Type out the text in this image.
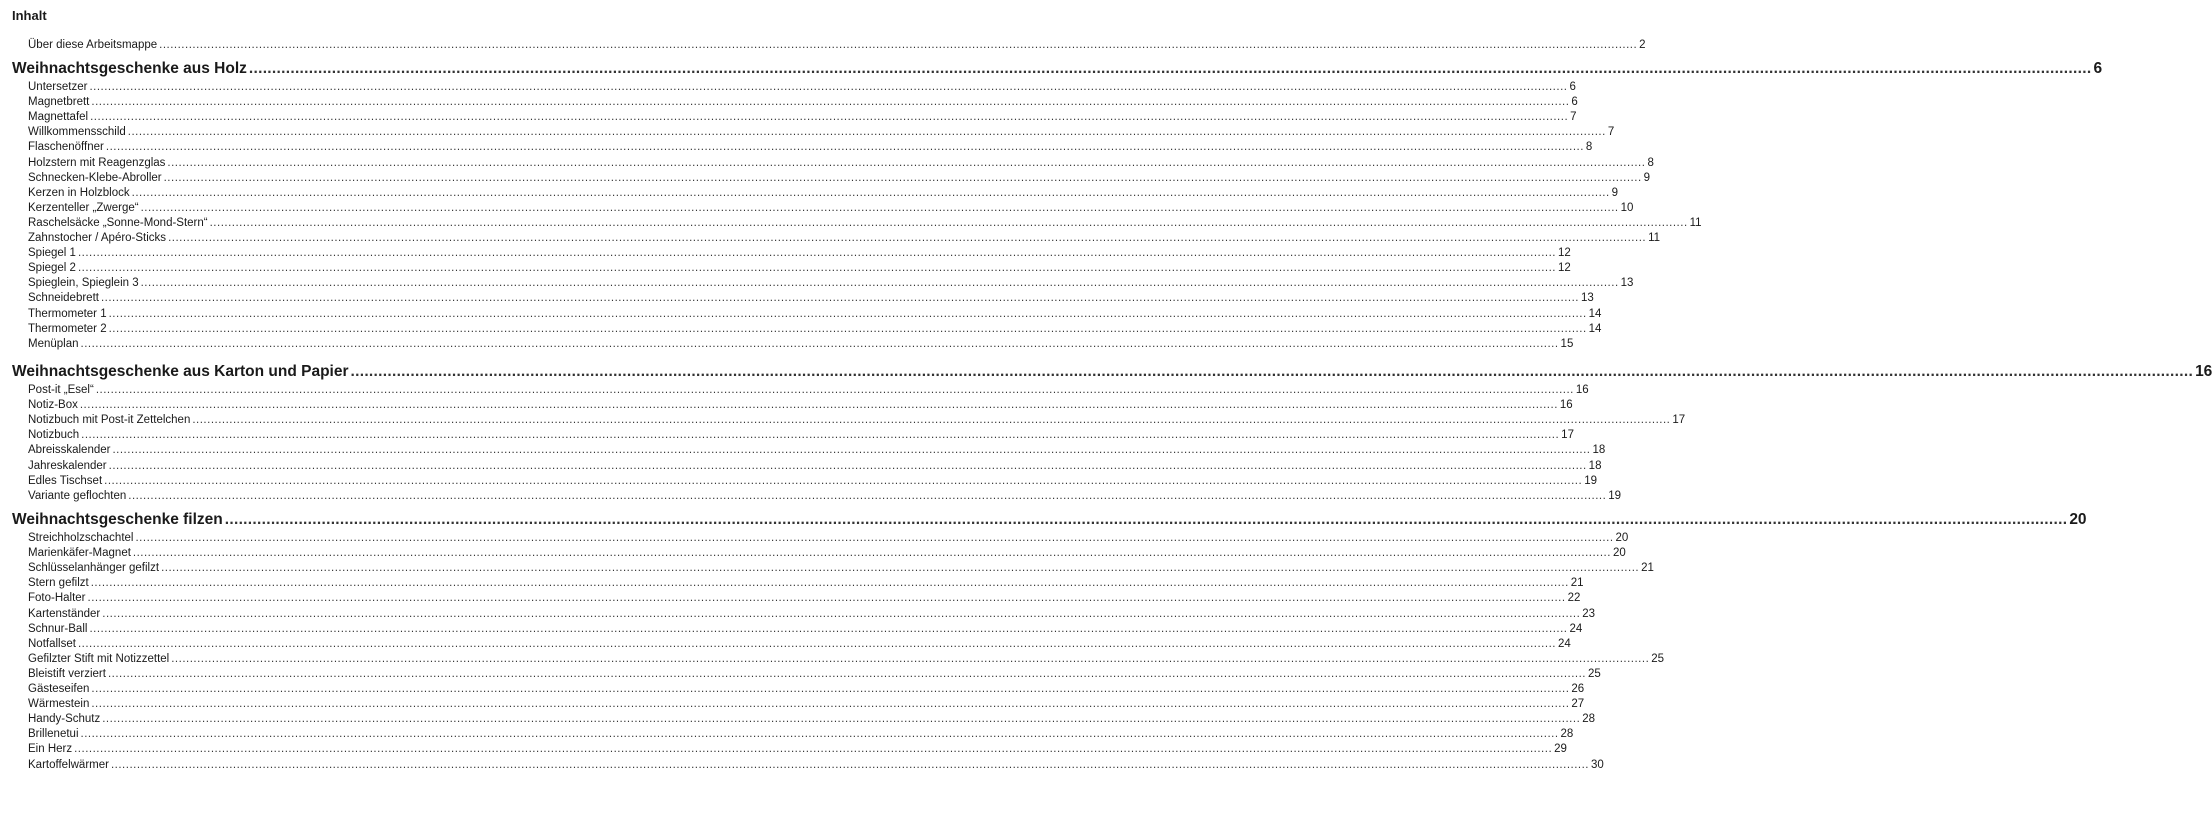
Inhalt
Über diese Arbeitsmappe ................................................................................................................................................................................................................................................................................................................................................................................................................ 2
Weihnachtsgeschenke aus Holz ................................................................................................................................................................................................................................................................................................................................................................................................................ 6
Untersetzer ................................................................................................................................................................................................................................................................................................................................................................................................................ 6
Magnetbrett ................................................................................................................................................................................................................................................................................................................................................................................................................ 6
Magnettafel ................................................................................................................................................................................................................................................................................................................................................................................................................ 7
Willkommensschild ................................................................................................................................................................................................................................................................................................................................................................................................................ 7
Flaschenöffner ................................................................................................................................................................................................................................................................................................................................................................................................................ 8
Holzstern mit Reagenzglas ................................................................................................................................................................................................................................................................................................................................................................................................................ 8
Schnecken-Klebe-Abroller ................................................................................................................................................................................................................................................................................................................................................................................................................ 9
Kerzen in Holzblock ................................................................................................................................................................................................................................................................................................................................................................................................................ 9
Kerzenteller „Zwerge“ ................................................................................................................................................................................................................................................................................................................................................................................................................ 10
Raschelsäcke „Sonne-Mond-Stern“ ................................................................................................................................................................................................................................................................................................................................................................................................................ 11
Zahnstocher / Apéro-Sticks ................................................................................................................................................................................................................................................................................................................................................................................................................ 11
Spiegel 1 ................................................................................................................................................................................................................................................................................................................................................................................................................ 12
Spiegel 2 ................................................................................................................................................................................................................................................................................................................................................................................................................ 12
Spieglein, Spieglein 3 ................................................................................................................................................................................................................................................................................................................................................................................................................ 13
Schneidebrett ................................................................................................................................................................................................................................................................................................................................................................................................................ 13
Thermometer 1 ................................................................................................................................................................................................................................................................................................................................................................................................................ 14
Thermometer 2 ................................................................................................................................................................................................................................................................................................................................................................................................................ 14
Menüplan ................................................................................................................................................................................................................................................................................................................................................................................................................ 15
Weihnachtsgeschenke aus Karton und Papier ................................................................................................................................................................................................................................................................................................................................................................................................................ 16
Post-it „Esel“ ................................................................................................................................................................................................................................................................................................................................................................................................................ 16
Notiz-Box ................................................................................................................................................................................................................................................................................................................................................................................................................ 16
Notizbuch mit Post-it Zettelchen ................................................................................................................................................................................................................................................................................................................................................................................................................ 17
Notizbuch ................................................................................................................................................................................................................................................................................................................................................................................................................ 17
Abreisskalender ................................................................................................................................................................................................................................................................................................................................................................................................................ 18
Jahreskalender ................................................................................................................................................................................................................................................................................................................................................................................................................ 18
Edles Tischset ................................................................................................................................................................................................................................................................................................................................................................................................................ 19
Variante geflochten ................................................................................................................................................................................................................................................................................................................................................................................................................ 19
Weihnachtsgeschenke filzen ................................................................................................................................................................................................................................................................................................................................................................................................................ 20
Streichholzschachtel ................................................................................................................................................................................................................................................................................................................................................................................................................ 20
Marienkäfer-Magnet ................................................................................................................................................................................................................................................................................................................................................................................................................ 20
Schlüsselanhänger gefilzt ................................................................................................................................................................................................................................................................................................................................................................................................................ 21
Stern gefilzt ................................................................................................................................................................................................................................................................................................................................................................................................................ 21
Foto-Halter ................................................................................................................................................................................................................................................................................................................................................................................................................ 22
Kartenständer ................................................................................................................................................................................................................................................................................................................................................................................................................ 23
Schnur-Ball ................................................................................................................................................................................................................................................................................................................................................................................................................ 24
Notfallset ................................................................................................................................................................................................................................................................................................................................................................................................................ 24
Gefilzter Stift mit Notizzettel ................................................................................................................................................................................................................................................................................................................................................................................................................ 25
Bleistift verziert ................................................................................................................................................................................................................................................................................................................................................................................................................ 25
Gästeseifen ................................................................................................................................................................................................................................................................................................................................................................................................................ 26
Wärmestein ................................................................................................................................................................................................................................................................................................................................................................................................................ 27
Handy-Schutz ................................................................................................................................................................................................................................................................................................................................................................................................................ 28
Brillenetui ................................................................................................................................................................................................................................................................................................................................................................................................................ 28
Ein Herz ................................................................................................................................................................................................................................................................................................................................................................................................................ 29
Kartoffelwärmer ................................................................................................................................................................................................................................................................................................................................................................................................................ 30
